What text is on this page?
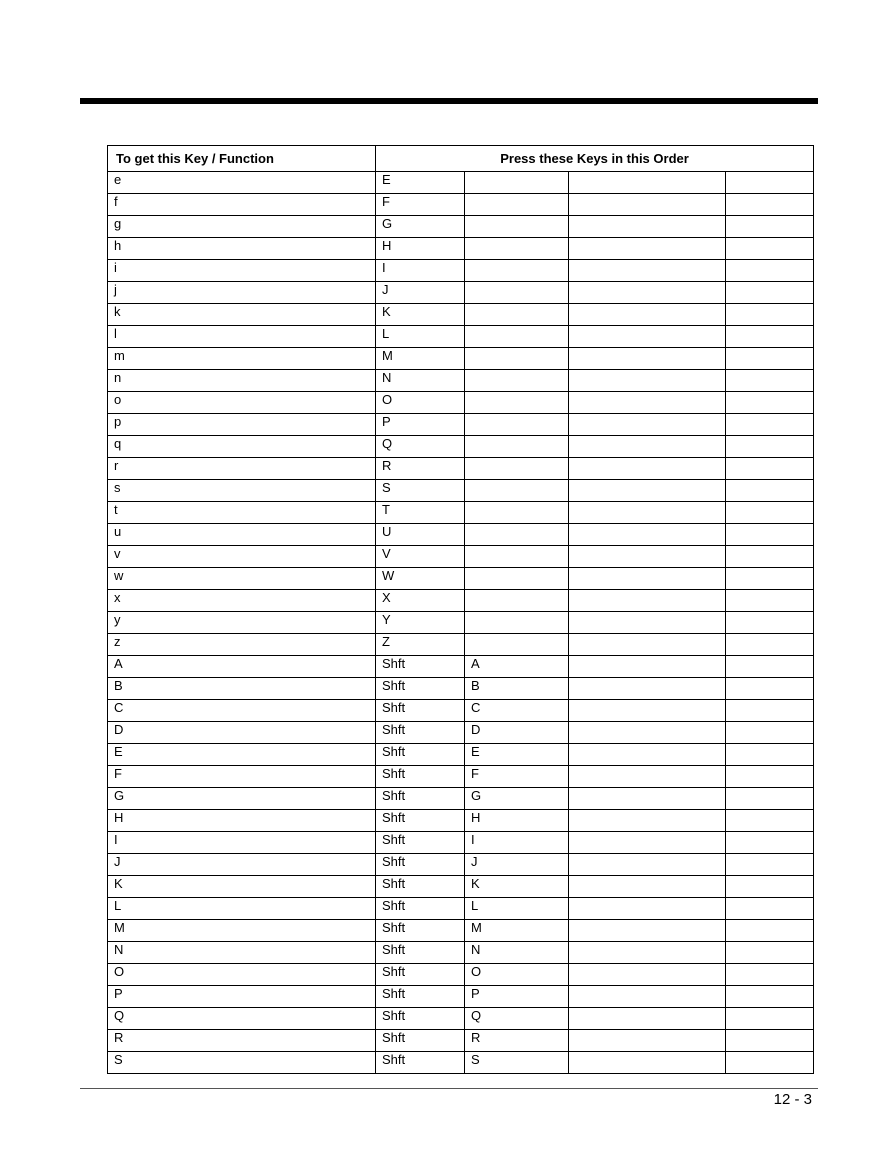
To get this Key / Function	Press these Keys in this Order			
e	E			
f	F			
g	G			
h	H			
i	I			
j	J			
k	K			
l	L			
m	M			
n	N			
o	O			
p	P			
q	Q			
r	R			
s	S			
t	T			
u	U			
v	V			
w	W			
x	X			
y	Y			
z	Z			
A	Shft	A		
B	Shft	B		
C	Shft	C		
D	Shft	D		
E	Shft	E		
F	Shft	F		
G	Shft	G		
H	Shft	H		
I	Shft	I		
J	Shft	J		
K	Shft	K		
L	Shft	L		
M	Shft	M		
N	Shft	N		
O	Shft	O		
P	Shft	P		
Q	Shft	Q		
R	Shft	R		
S	Shft	S		
12 - 3
